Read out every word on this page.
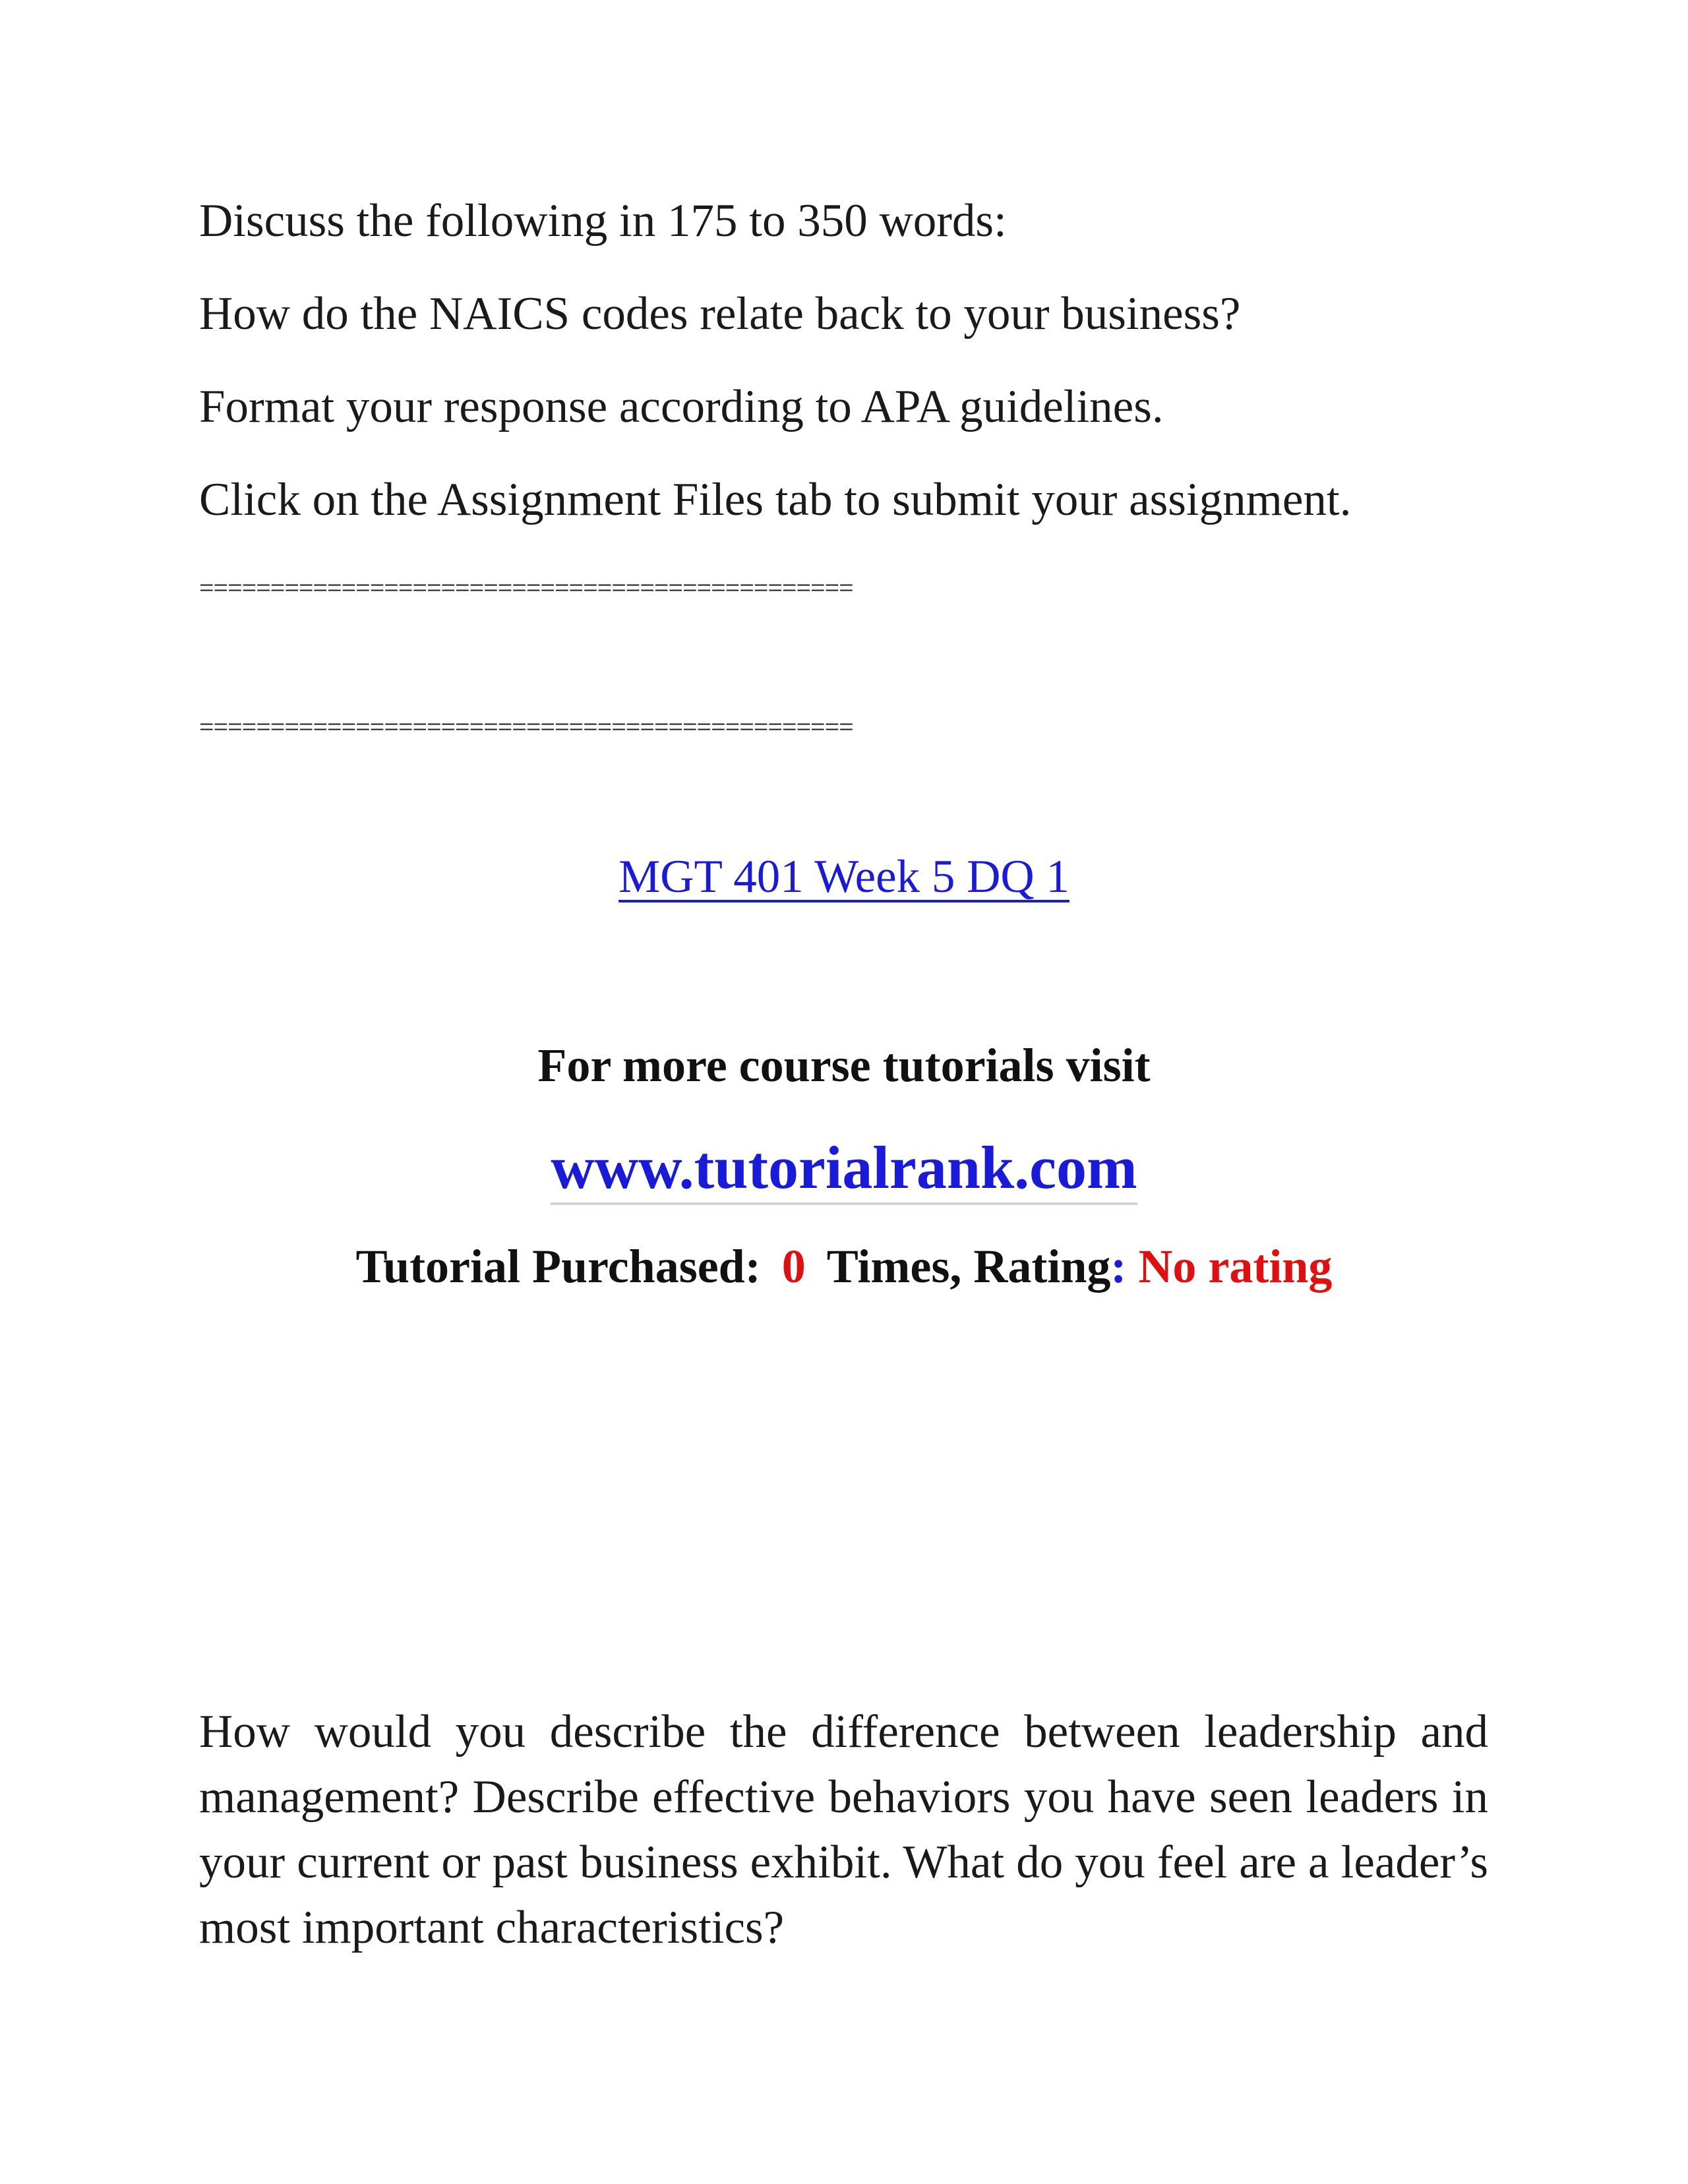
Discuss the following in 175 to 350 words:
How do the NAICS codes relate back to your business?
Format your response according to APA guidelines.
Click on the Assignment Files tab to submit your assignment.
==============================================
==============================================
MGT 401 Week 5 DQ 1
For more course tutorials visit
www.tutorialrank.com
Tutorial Purchased: 0 Times, Rating: No rating
How would you describe the difference between leadership and management? Describe effective behaviors you have seen leaders in your current or past business exhibit. What do you feel are a leader’s most important characteristics?
